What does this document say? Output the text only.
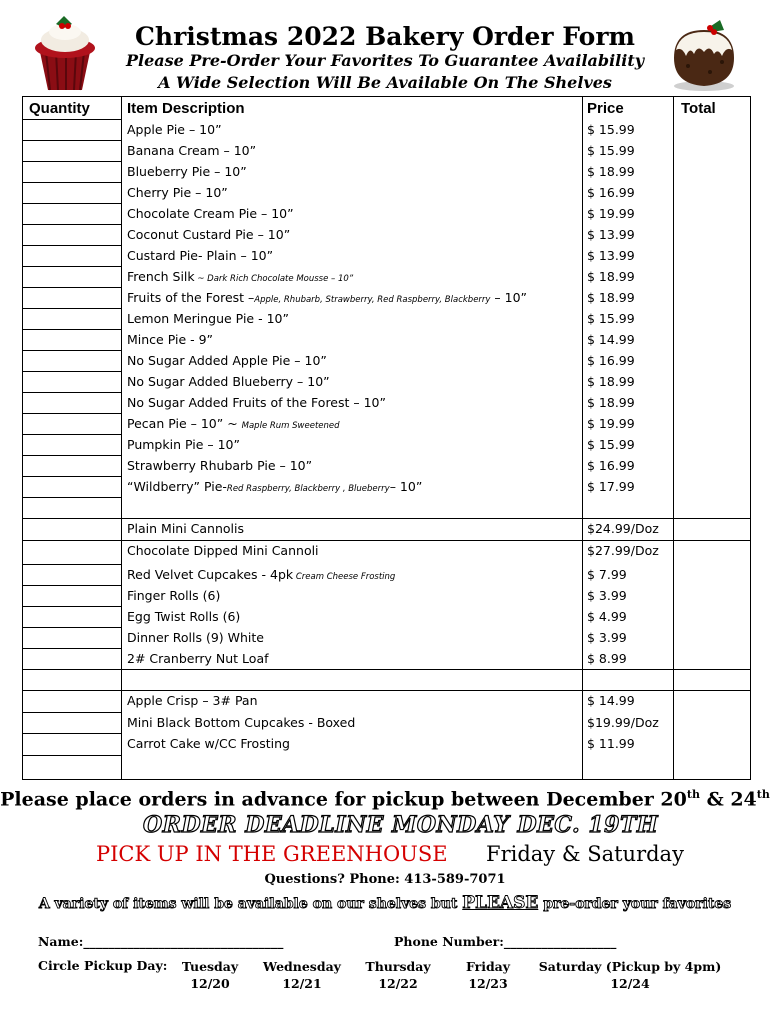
Christmas 2022 Bakery Order Form
Please Pre-Order Your Favorites To Guarantee Availability
A Wide Selection Will Be Available On The Shelves
Quantity Item Description	Price	Total
Apple Pie – 10”	$ 15.99
Banana Cream – 10”	$ 15.99
Blueberry Pie – 10”	$ 18.99
Cherry Pie – 10”	$ 16.99
Chocolate Cream Pie – 10”	$ 19.99
Coconut Custard Pie – 10”	$ 13.99
Custard Pie- Plain – 10”	$ 13.99
French Silk ~ Dark Rich Chocolate Mousse – 10”	$ 18.99
Fruits of the Forest –Apple, Rhubarb, Strawberry, Red Raspberry, Blackberry – 10”	$ 18.99
Lemon Meringue Pie - 10”	$ 15.99
Mince Pie - 9”	$ 14.99
No Sugar Added Apple Pie – 10”	$ 16.99
No Sugar Added Blueberry – 10”	$ 18.99
No Sugar Added Fruits of the Forest – 10”	$ 18.99
Pecan Pie – 10” ~ Maple Rum Sweetened	$ 19.99
Pumpkin Pie – 10”	$ 15.99
Strawberry Rhubarb Pie – 10”	$ 16.99
“Wildberry” Pie-Red Raspberry, Blackberry , Blueberry– 10”	$ 17.99
Plain Mini Cannolis	$24.99/Doz
Chocolate Dipped Mini Cannoli	$27.99/Doz
Red Velvet Cupcakes - 4pk Cream Cheese Frosting	$ 7.99
Finger Rolls (6)	$ 3.99
Egg Twist Rolls (6)	$ 4.99
Dinner Rolls (9) White	$ 3.99
2# Cranberry Nut Loaf	$ 8.99
Apple Crisp – 3# Pan	$ 14.99
Mini Black Bottom Cupcakes - Boxed	$19.99/Doz
Carrot Cake w/CC Frosting	$ 11.99
Please place orders in advance for pickup between December 20th & 24th
ORDER DEADLINE MONDAY DEC. 19TH
PICK UP IN THE GREENHOUSE Friday & Saturday
Questions? Phone: 413-589-7071
A variety of items will be available on our shelves but PLEASE pre-order your favorites
Name:________________________________	Phone Number:__________________
Circle Pickup Day:	Tuesday
12/20
Wednesday
12/21
Thursday
12/22
Friday
12/23
Saturday (Pickup by 4pm)
12/24
